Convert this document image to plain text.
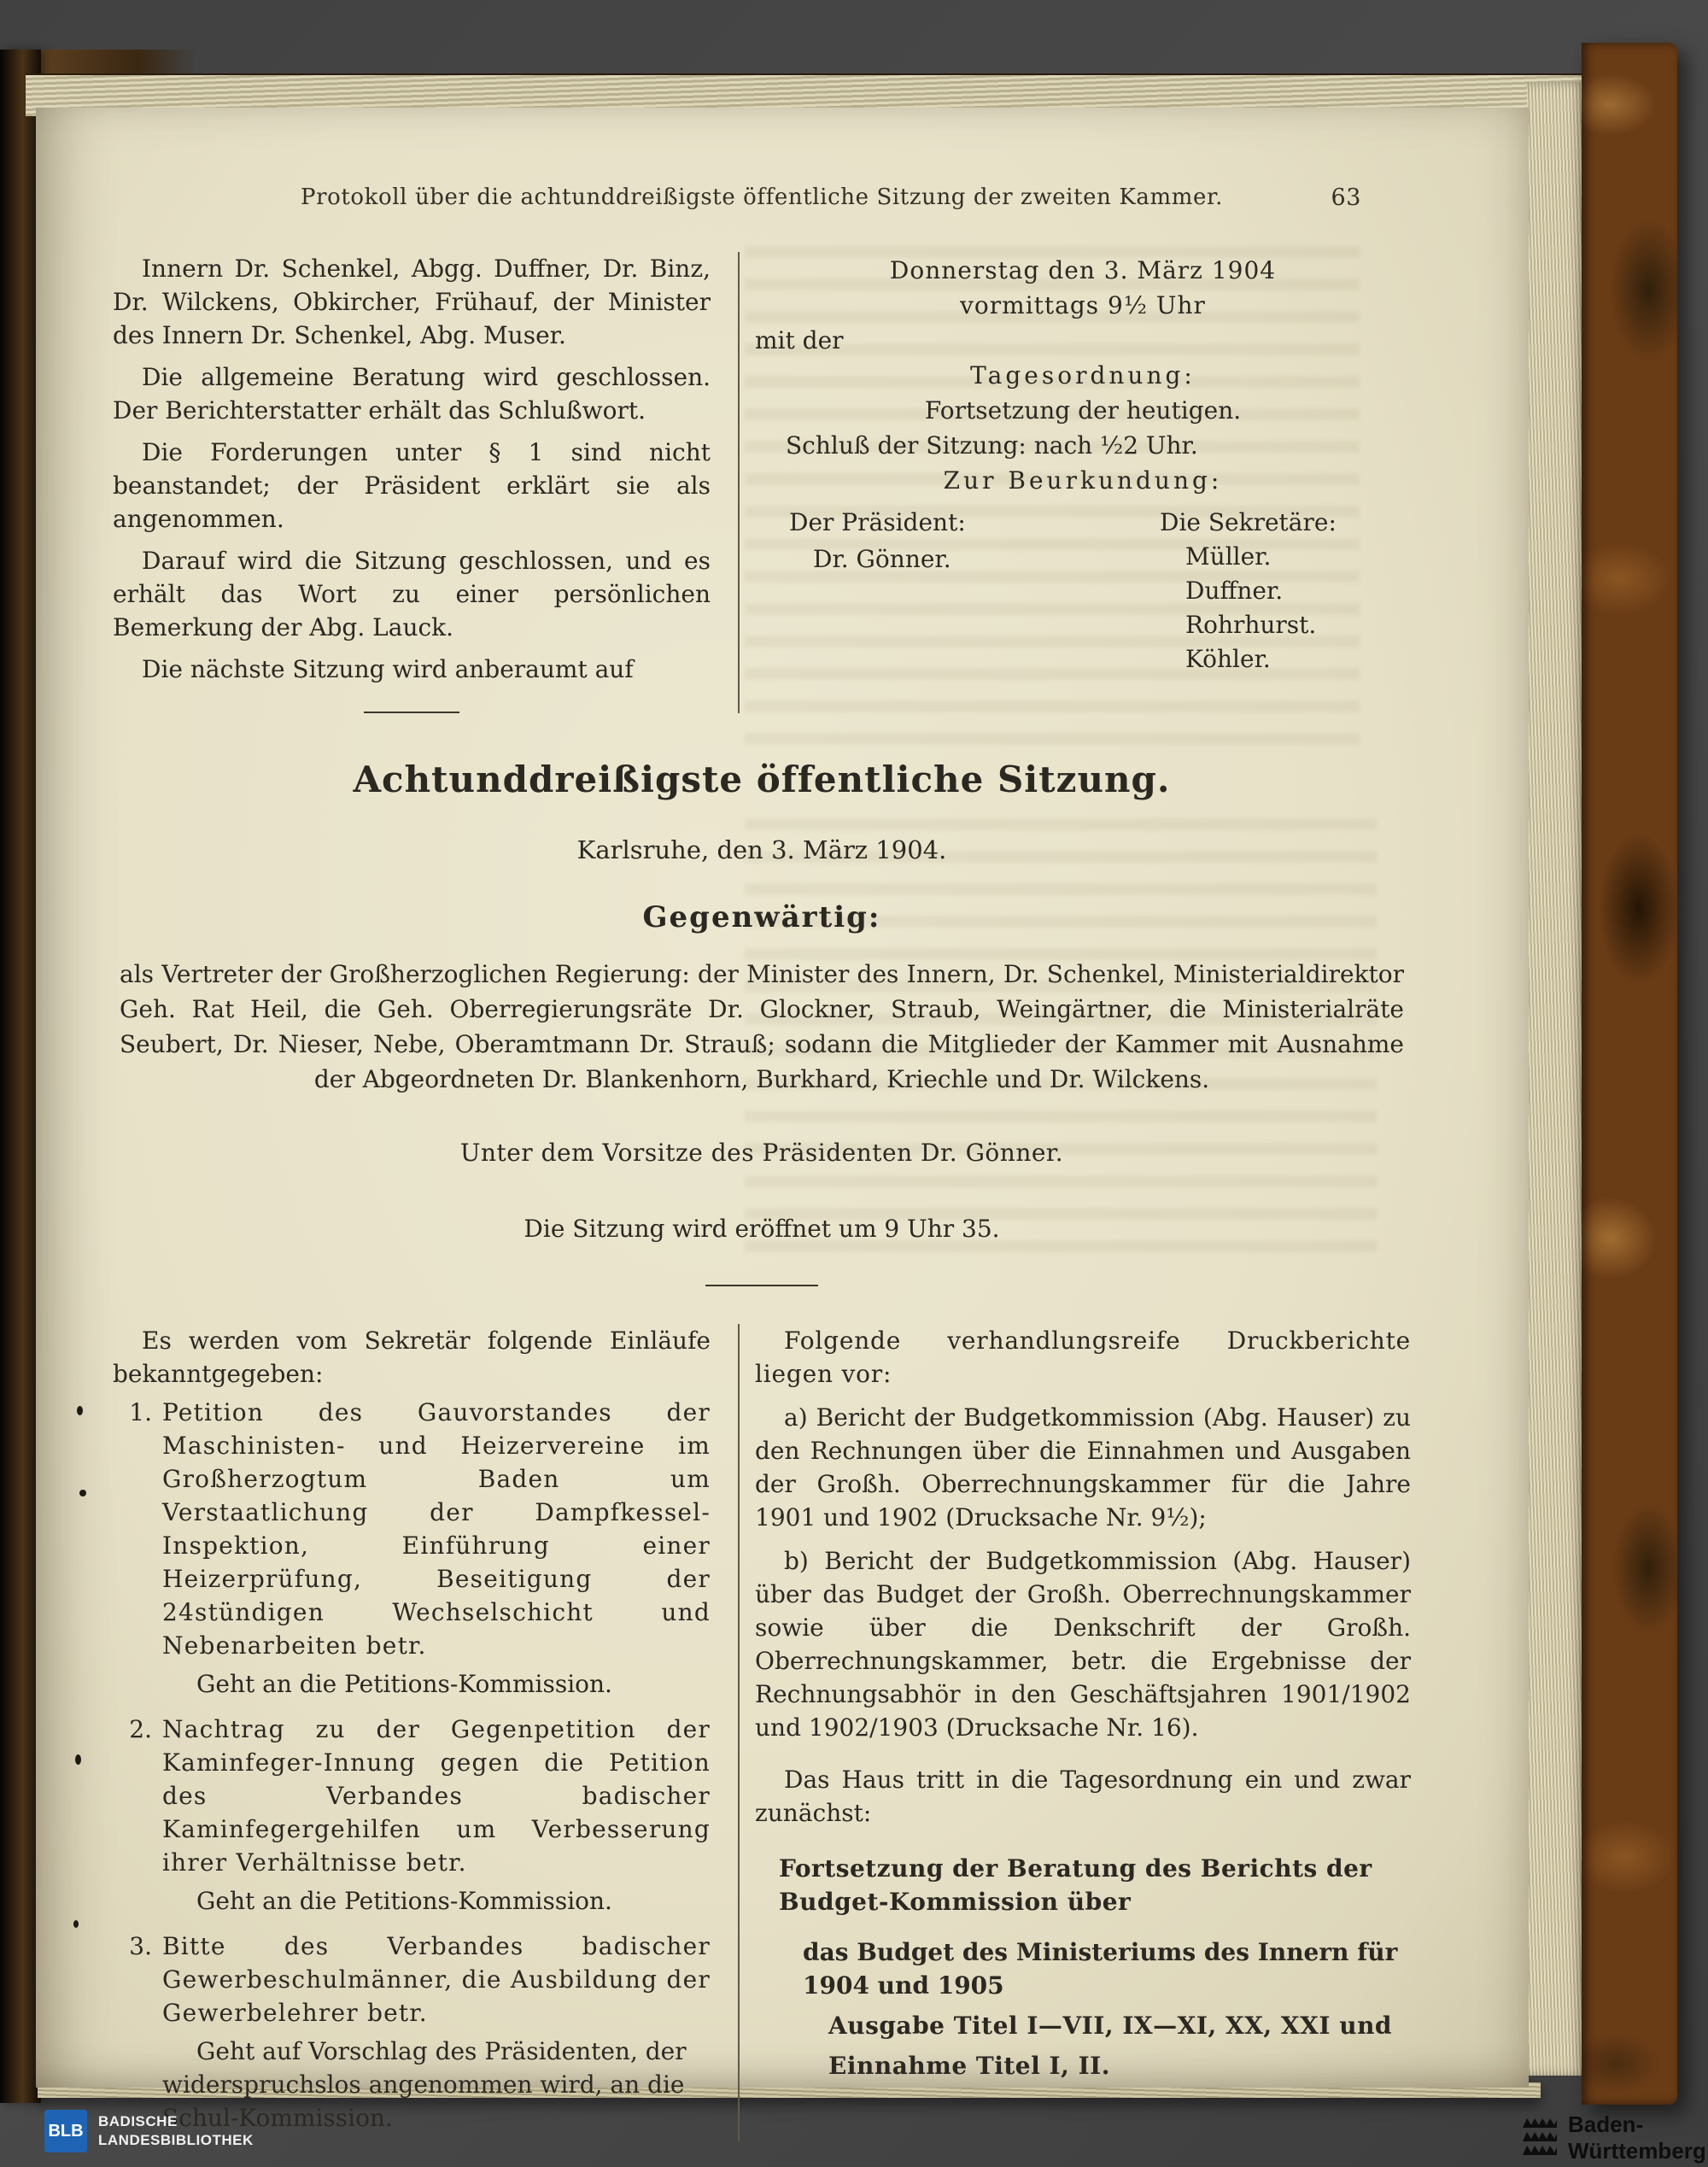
Protokoll über die achtunddreißigste öffentliche Sitzung der zweiten Kammer.	63

Innern Dr. Schenkel, Abgg. Duffner, Dr. Binz, Dr. Wilckens, Obkircher, Frühauf, der Minister des Innern Dr. Schenkel, Abg. Muser.

Die allgemeine Beratung wird geschlossen. Der Berichterstatter erhält das Schlußwort.

Die Forderungen unter § 1 sind nicht beanstandet; der Präsident erklärt sie als angenommen.

Darauf wird die Sitzung geschlossen, und es erhält das Wort zu einer persönlichen Bemerkung der Abg. Lauck.

Die nächste Sitzung wird anberaumt auf

Donnerstag den 3. März 1904
vormittags 9½ Uhr
mit der
Tagesordnung:
Fortsetzung der heutigen.
Schluß der Sitzung: nach ½2 Uhr.
Zur Beurkundung:
Der Präsident:
Dr. Gönner.
Die Sekretäre:
Müller.
Duffner.
Rohrhurst.
Köhler.
Achtunddreißigste öffentliche Sitzung.
Karlsruhe, den 3. März 1904.
Gegenwärtig:
als Vertreter der Großherzoglichen Regierung: der Minister des Innern, Dr. Schenkel, Ministerialdirektor Geh. Rat Heil, die Geh. Oberregierungsräte Dr. Glockner, Straub, Weingärtner, die Ministerialräte Seubert, Dr. Nieser, Nebe, Oberamtmann Dr. Strauß; sodann die Mitglieder der Kammer mit Ausnahme der Abgeordneten Dr. Blankenhorn, Burkhard, Kriechle und Dr. Wilckens.
Unter dem Vorsitze des Präsidenten Dr. Gönner.
Die Sitzung wird eröffnet um 9 Uhr 35.
Es werden vom Sekretär folgende Einläufe bekanntgegeben:
1. Petition des Gauvorstandes der Maschinisten- und Heizervereine im Großherzogtum Baden um Verstaatlichung der Dampfkessel-Inspektion, Einführung einer Heizerprüfung, Beseitigung der 24stündigen Wechselschicht und Nebenarbeiten betr.
Geht an die Petitions-Kommission.
2. Nachtrag zu der Gegenpetition der Kaminfeger-Innung gegen die Petition des Verbandes badischer Kaminfegergehilfen um Verbesserung ihrer Verhältnisse betr.
Geht an die Petitions-Kommission.
3. Bitte des Verbandes badischer Gewerbeschulmänner, die Ausbildung der Gewerbelehrer betr.
Geht auf Vorschlag des Präsidenten, der widerspruchslos angenommen wird, an die Schul-Kommission.
Folgende verhandlungsreife Druckberichte liegen vor:
a) Bericht der Budgetkommission (Abg. Hauser) zu den Rechnungen über die Einnahmen und Ausgaben der Großh. Oberrechnungskammer für die Jahre 1901 und 1902 (Drucksache Nr. 9½);
b) Bericht der Budgetkommission (Abg. Hauser) über das Budget der Großh. Oberrechnungskammer sowie über die Denkschrift der Großh. Oberrechnungskammer, betr. die Ergebnisse der Rechnungsabhör in den Geschäftsjahren 1901/1902 und 1902/1903 (Drucksache Nr. 16).
Das Haus tritt in die Tagesordnung ein und zwar zunächst:
Fortsetzung der Beratung des Berichts der Budget-Kommission über
das Budget des Ministeriums des Innern für 1904 und 1905
Ausgabe Titel I—VII, IX—XI, XX, XXI und
Einnahme Titel I, II.
BLB
BADISCHE
LANDESBIBLIOTHEK
Baden-Württemberg
